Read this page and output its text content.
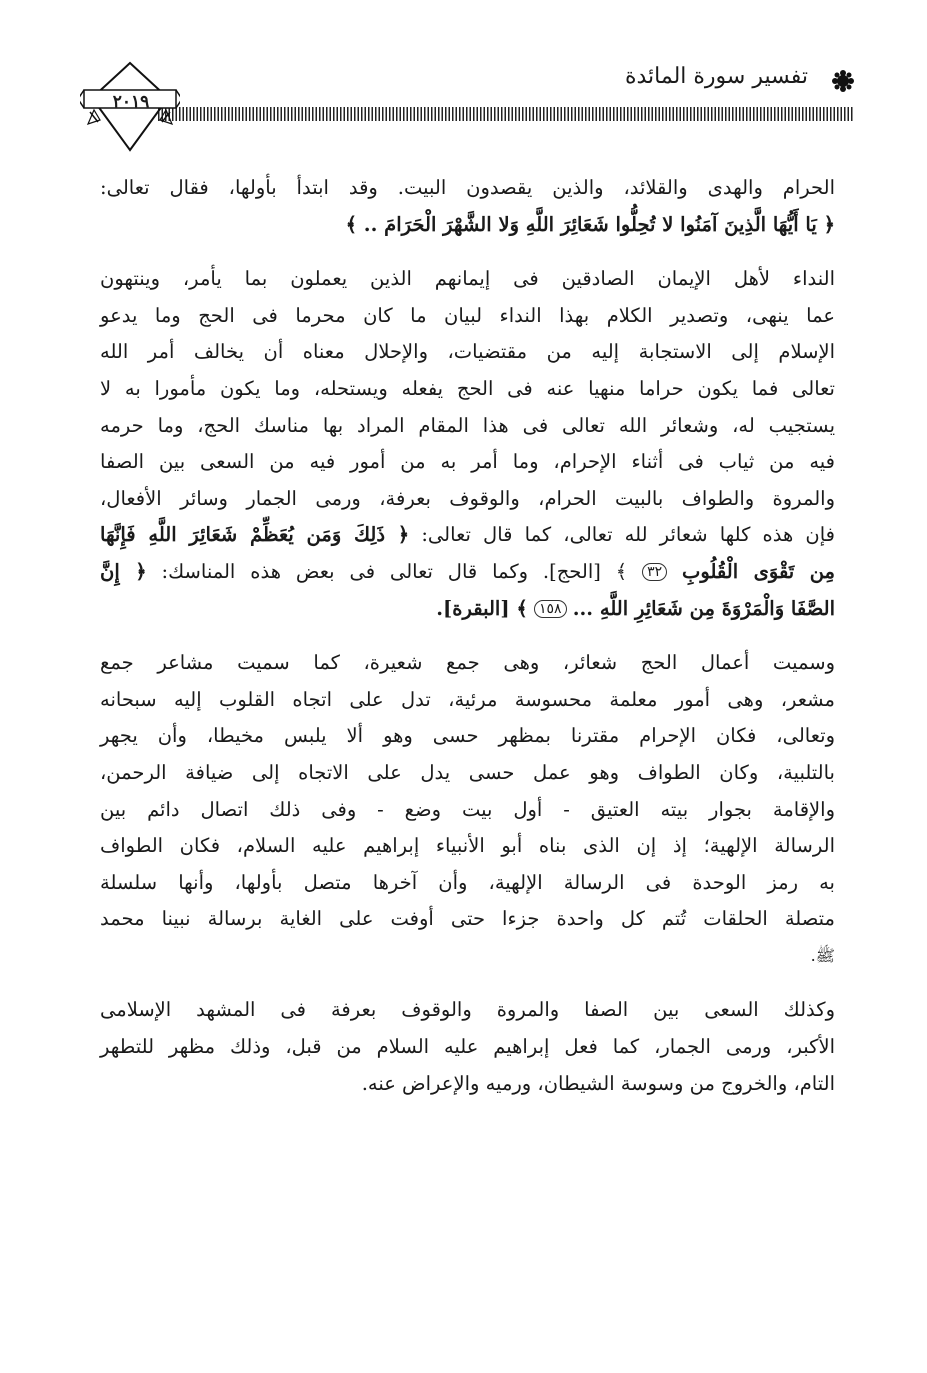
تفسير سورة المائدة
٢٠١٩

الحرام والهدى والقلائد، والذين يقصدون البيت. وقد ابتدأ بأولها، فقال تعالى:

﴿ يَا أَيُّهَا الَّذِينَ آمَنُوا لا تُحِلُّوا شَعَائِرَ اللَّهِ وَلا الشَّهْرَ الْحَرَامَ .. ﴾

النداء لأهل الإيمان الصادقين فى إيمانهم الذين يعملون بما يأمر، وينتهون

عما ينهى، وتصدير الكلام بهذا النداء لبيان ما كان محرما فى الحج وما يدعو

الإسلام إلى الاستجابة إليه من مقتضيات، والإحلال معناه أن يخالف أمر الله

تعالى فما يكون حراما منهيا عنه فى الحج يفعله ويستحله، وما يكون مأمورا به لا

يستجيب له، وشعائر الله تعالى فى هذا المقام المراد بها مناسك الحج، وما حرمه

فيه من ثياب فى أثناء الإحرام، وما أمر به من أمور فيه من السعى بين الصفا

والمروة والطواف بالبيت الحرام، والوقوف بعرفة، ورمى الجمار وسائر الأفعال،

فإن هذه كلها شعائر لله تعالى، كما قال تعالى: ﴿ ذَلِكَ وَمَن يُعَظِّمْ شَعَائِرَ اللَّهِ فَإِنَّهَا

مِن تَقْوَى الْقُلُوبِ ٣٢ ﴾ [الحج]. وكما قال تعالى فى بعض هذه المناسك: ﴿ إِنَّ

الصَّفَا وَالْمَرْوَةَ مِن شَعَائِرِ اللَّهِ ... ١٥٨ ﴾ [البقرة].

وسميت أعمال الحج شعائر، وهى جمع شعيرة، كما سميت مشاعر جمع

مشعر، وهى أمور معلمة محسوسة مرئية، تدل على اتجاه القلوب إليه سبحانه

وتعالى، فكان الإحرام مقترنا بمظهر حسى وهو ألا يلبس مخيطا، وأن يجهر

بالتلبية، وكان الطواف وهو عمل حسى يدل على الاتجاه إلى ضيافة الرحمن،

والإقامة بجوار بيته العتيق - أول بيت وضع - وفى ذلك اتصال دائم بين

الرسالة الإلهية؛ إذ إن الذى بناه أبو الأنبياء إبراهيم عليه السلام، فكان الطواف

به رمز الوحدة فى الرسالة الإلهية، وأن آخرها متصل بأولها، وأنها سلسلة

متصلة الحلقات تُتم كل واحدة جزءا حتى أوفت على الغاية برسالة نبينا محمد

ﷺ.

وكذلك السعى بين الصفا والمروة والوقوف بعرفة فى المشهد الإسلامى

الأكبر، ورمى الجمار، كما فعل إبراهيم عليه السلام من قبل، وذلك مظهر للتطهر

التام، والخروج من وسوسة الشيطان، ورميه والإعراض عنه.
